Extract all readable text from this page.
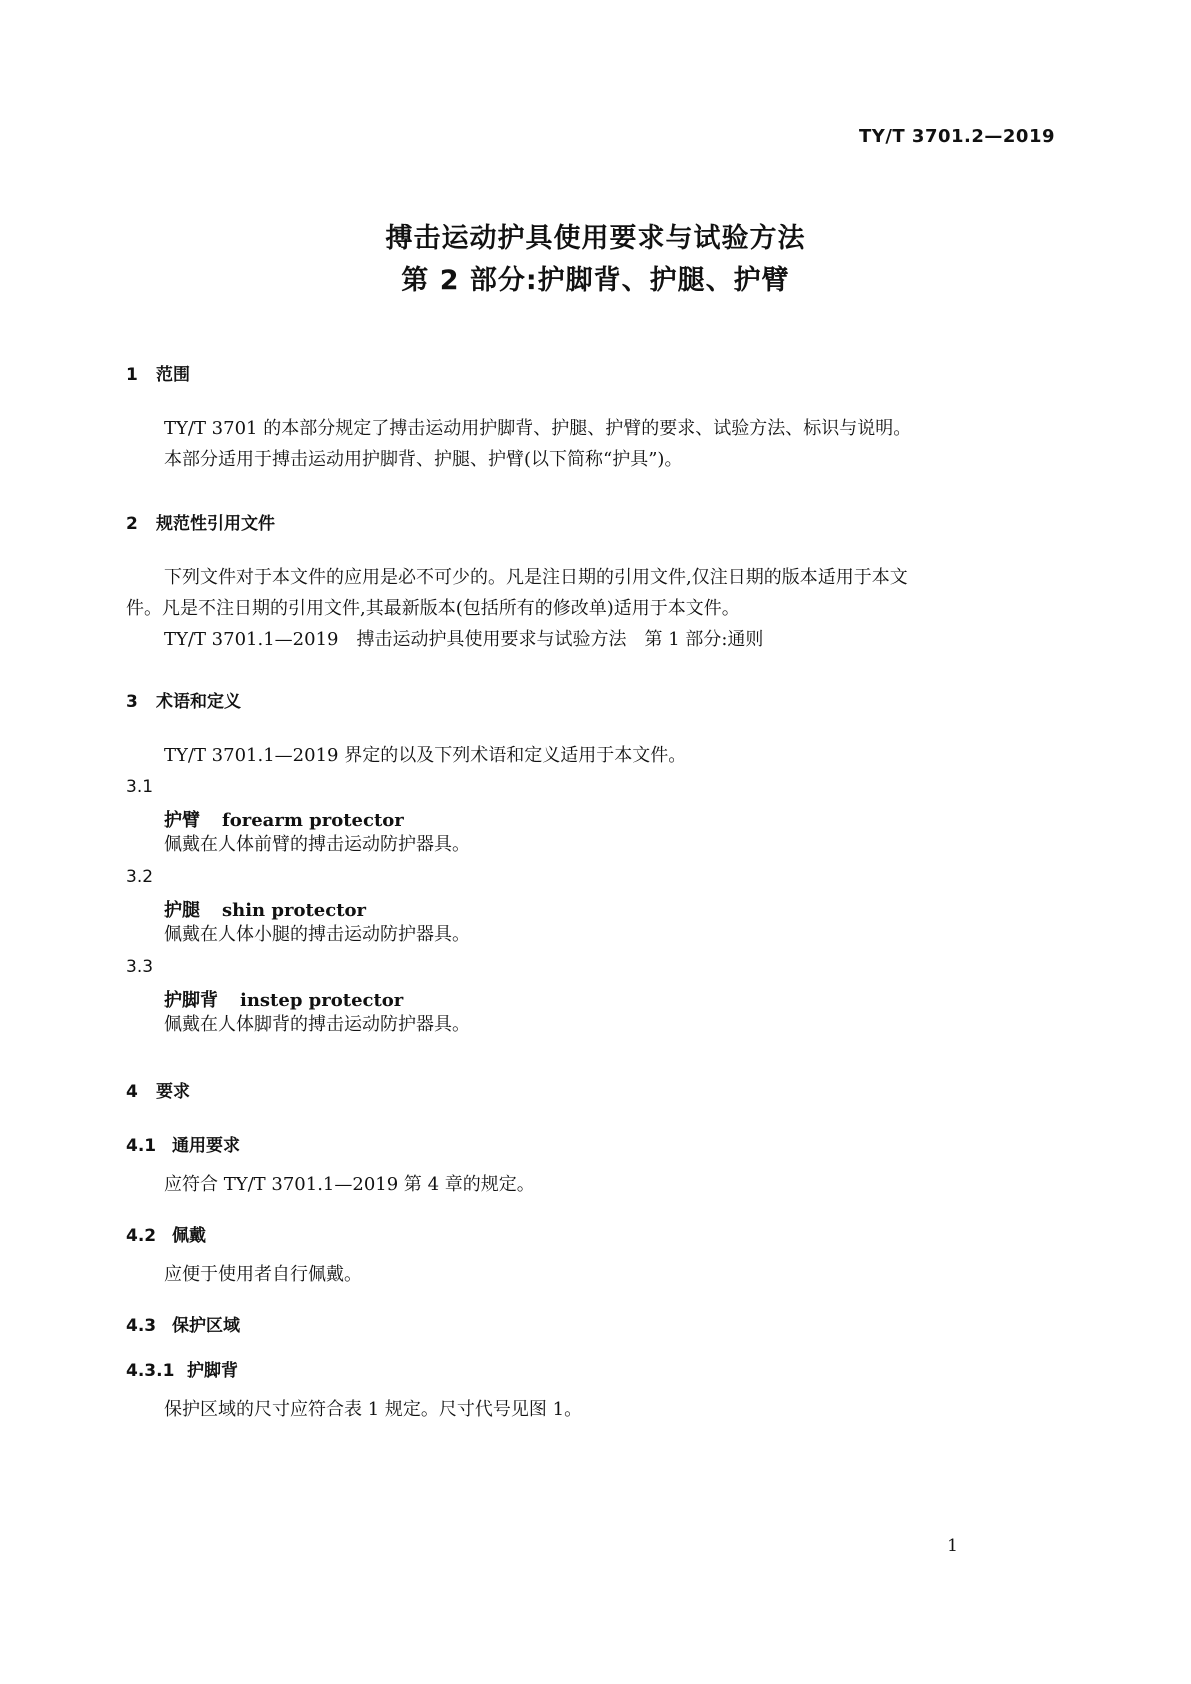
TY/T 3701.2—2019
搏击运动护具使用要求与试验方法
第 2 部分:护脚背、护腿、护臂
1 范围
TY/T 3701 的本部分规定了搏击运动用护脚背、护腿、护臂的要求、试验方法、标识与说明。
本部分适用于搏击运动用护脚背、护腿、护臂(以下简称“护具”)。
2 规范性引用文件
下列文件对于本文件的应用是必不可少的。凡是注日期的引用文件,仅注日期的版本适用于本文
件。凡是不注日期的引用文件,其最新版本(包括所有的修改单)适用于本文件。
TY/T 3701.1—2019　搏击运动护具使用要求与试验方法　第 1 部分:通则
3 术语和定义
TY/T 3701.1—2019 界定的以及下列术语和定义适用于本文件。
3.1
护臂 forearm protector
佩戴在人体前臂的搏击运动防护器具。
3.2
护腿 shin protector
佩戴在人体小腿的搏击运动防护器具。
3.3
护脚背 instep protector
佩戴在人体脚背的搏击运动防护器具。
4 要求
4.1 通用要求
应符合 TY/T 3701.1—2019 第 4 章的规定。
4.2 佩戴
应便于使用者自行佩戴。
4.3 保护区域
4.3.1 护脚背
保护区域的尺寸应符合表 1 规定。尺寸代号见图 1。
1
